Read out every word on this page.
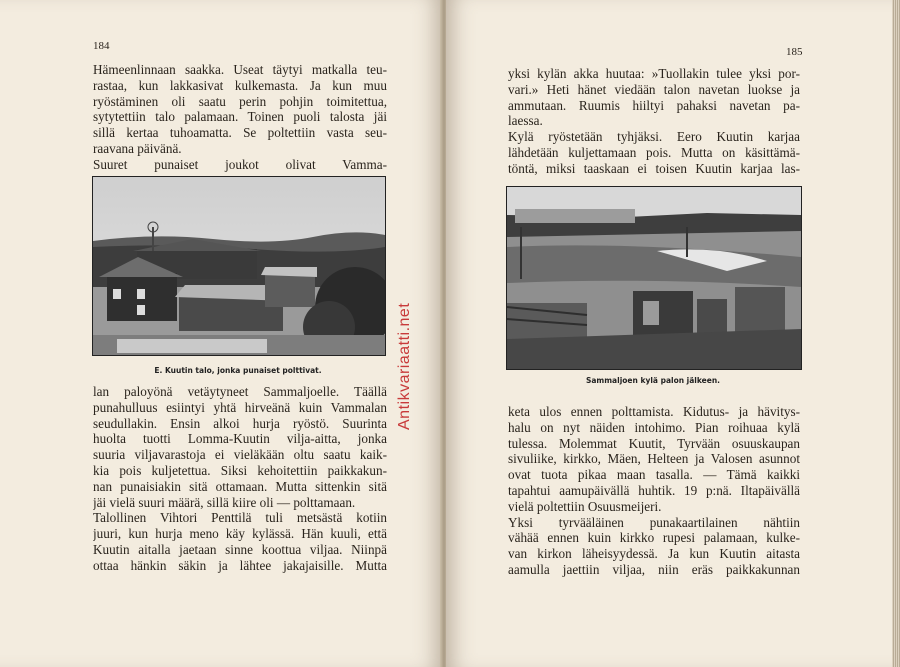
184
Hämeenlinnaan saakka. Useat täytyi matkalla teu-
rastaa, kun lakkasivat kulkemasta. Ja kun muu
ryöstäminen oli saatu perin pohjin toimitettua,
sytytettiin talo palamaan. Toinen puoli talosta jäi
sillä kertaa tuhoamatta. Se poltettiin vasta seu-
raavana päivänä.
Suuret punaiset joukot olivat Vamma-
E. Kuutin talo, jonka punaiset polttivat.
lan paloyönä vetäytyneet Sammaljoelle. Täällä
punahulluus esiintyi yhtä hirveänä kuin Vammalan
seudullakin. Ensin alkoi hurja ryöstö. Suurinta
huolta tuotti Lomma-Kuutin vilja-aitta, jonka
suuria viljavarastoja ei vieläkään oltu saatu kaik-
kia pois kuljetettua. Siksi kehoitettiin paikkakun-
nan punaisiakin sitä ottamaan. Mutta sittenkin sitä
jäi vielä suuri määrä, sillä kiire oli — polttamaan.
Talollinen Vihtori Penttilä tuli metsästä kotiin
juuri, kun hurja meno käy kylässä. Hän kuuli, että
Kuutin aitalla jaetaan sinne koottua viljaa. Niinpä
ottaa hänkin säkin ja lähtee jakajaisille. Mutta
185
yksi kylän akka huutaa: »Tuollakin tulee yksi por-
vari.» Heti hänet viedään talon navetan luokse ja
ammutaan. Ruumis hiiltyi pahaksi navetan pa-
laessa.
Kylä ryöstetään tyhjäksi. Eero Kuutin karjaa
lähdetään kuljettamaan pois. Mutta on käsittämä-
töntä, miksi taaskaan ei toisen Kuutin karjaa las-
Sammaljoen kylä palon jälkeen.
keta ulos ennen polttamista. Kidutus- ja hävitys-
halu on nyt näiden intohimo. Pian roihuaa kylä
tulessa. Molemmat Kuutit, Tyrvään osuuskaupan
sivuliike, kirkko, Mäen, Helteen ja Valosen asunnot
ovat tuota pikaa maan tasalla. — Tämä kaikki
tapahtui aamupäivällä huhtik. 19 p:nä. Iltapäivällä
vielä poltettiin Osuusmeijeri.
Yksi tyrvääläinen punakaartilainen nähtiin
vähää ennen kuin kirkko rupesi palamaan, kulke-
van kirkon läheisyydessä. Ja kun Kuutin aitasta
aamulla jaettiin viljaa, niin eräs paikkakunnan
Antikvariaatti.net
